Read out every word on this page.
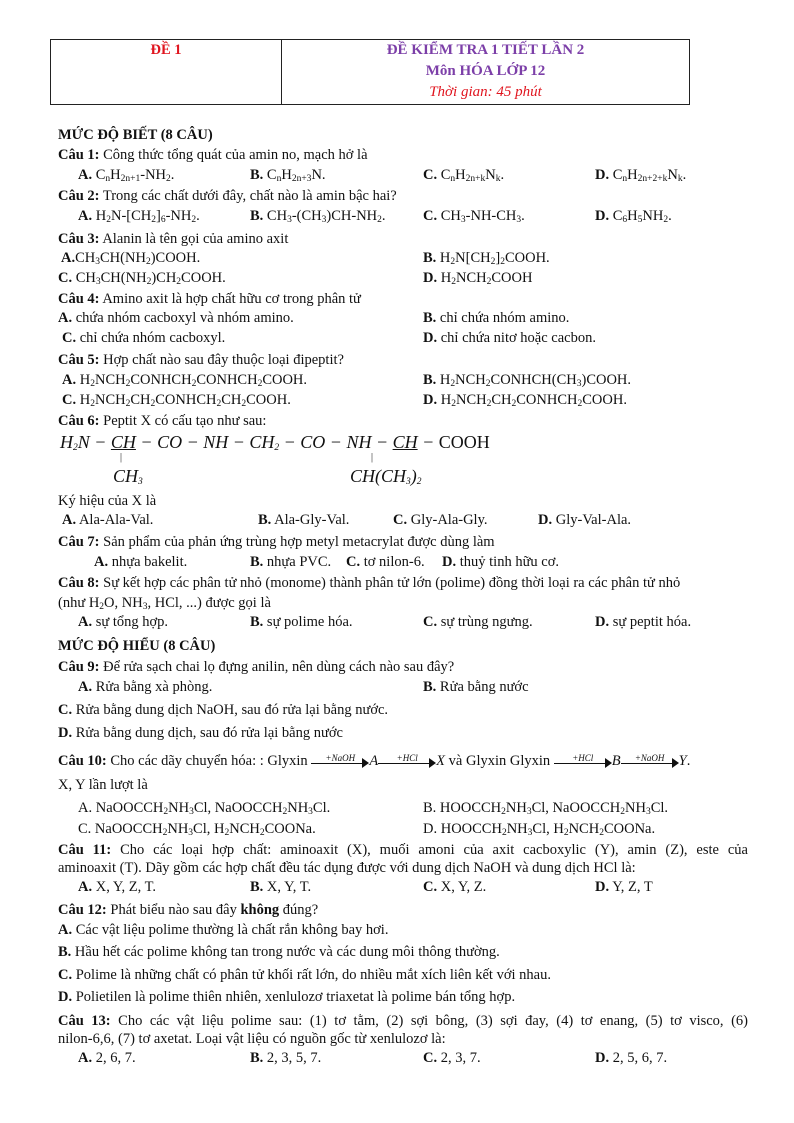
ĐỀ 1	ĐỀ KIỂM TRA 1 TIẾT LẦN 2
Môn HÓA LỚP 12
Thời gian: 45 phút
MỨC ĐỘ BIẾT (8 CÂU)
Câu 1: Công thức tổng quát của amin no, mạch hở là
A. $C_nH_{2n+1}-NH_2$.	B. $C_nH_{2n+3}N$.	C. $C_nH_{2n+k}N_k$.	D. $C_nH_{2n+2+k}N_k$.
Câu 2: Trong các chất dưới đây, chất nào là amin bậc hai?
A. $H_2N-[CH_2]_6-NH_2$.	B. $CH_3-(CH_3)CH-NH_2$.	C. $CH_3-NH-CH_3$.	D. $C_6H_5NH_2$.
Câu 3: Alanin là tên gọi của amino axit
$A.CH_3CH(NH_2)COOH$.	B. $H_2N[CH_2]_2COOH$.
C. $CH_3CH(NH_2)CH_2COOH$.	D. $H_2NCH_2COOH$
Câu 4: Amino axit là hợp chất hữu cơ trong phân tử
A. chứa nhóm cacboxyl và nhóm amino.	B. chỉ chứa nhóm amino.
C. chỉ chứa nhóm cacboxyl.	D. chỉ chứa nitơ hoặc cacbon.
Câu 5: Hợp chất nào sau đây thuộc loại đipeptit?
A. $H_2NCH_2CONHCH_2CONHCH_2COOH$.	B. $H_2NCH_2CONHCH(CH_3)COOH$.
C. $H_2NCH_2CH_2CONHCH_2CH_2COOH$.	D. $H_2NCH_2CH_2CONHCH_2COOH$.
Câu 6: Peptit X có cấu tạo như sau:
$H_2N$ − CH − CO − NH − $CH_2$ − CO − NH − CH − COOH
|	|
$CH_3$	$CH(CH_3)_2$
Ký hiệu của X là
A. Ala-Ala-Val.	B. Ala-Gly-Val.	C. Gly-Ala-Gly.	D. Gly-Val-Ala.
Câu 7: Sản phẩm của phản ứng trùng hợp metyl metacrylat được dùng làm
A. nhựa bakelit.	B. nhựa PVC. C. tơ nilon-6. D. thuỷ tinh hữu cơ.
Câu 8: Sự kết hợp các phân tử nhỏ (monome) thành phân tử lớn (polime) đồng thời loại ra các phân tử nhỏ
(như $H_2O$, $NH_3$, HCl, ...) được gọi là
A. sự tổng hợp.	B. sự polime hóa.	C. sự trùng ngưng.	D. sự peptit hóa.
MỨC ĐỘ HIỂU (8 CÂU)
Câu 9: Để rửa sạch chai lọ đựng anilin, nên dùng cách nào sau đây?
A. Rửa bằng xà phòng.	B. Rửa bằng nước
C. Rửa bằng dung dịch NaOH, sau đó rửa lại bằng nước.
D. Rửa bằng dung dịch, sau đó rửa lại bằng nước
Câu 10: Cho các dãy chuyển hóa: : Glyxin	+NaOH A	+HCl	X và Glyxin Glyxin	+HCl	B	+NaOH Y.
X, Y lần lượt là
A. $NaOOCCH_2NH_3Cl$, $NaOOCCH_2NH_3Cl$.	B. $HOOCCH_2NH_3Cl$, $NaOOCCH_2NH_3Cl$.
C. $NaOOCCH_2NH_3Cl$, $H_2NCH_2COONa$.	D. $HOOCCH_2NH_3Cl$, $H_2NCH_2COONa$.
Câu 11: Cho các loại hợp chất: aminoaxit (X), muối amoni của axit cacboxylic (Y), amin (Z), este của
aminoaxit (T). Dãy gồm các hợp chất đều tác dụng được với dung dịch NaOH và dung dịch HCl là:
A. X, Y, Z, T.	B. X, Y, T.	C. X, Y, Z.	D. Y, Z, T
Câu 12: Phát biểu nào sau đây không đúng?
A. Các vật liệu polime thường là chất rắn không bay hơi.
B. Hầu hết các polime không tan trong nước và các dung môi thông thường.
C. Polime là những chất có phân tử khối rất lớn, do nhiều mắt xích liên kết với nhau.
D. Polietilen là polime thiên nhiên, xenlulozơ triaxetat là polime bán tổng hợp.
Câu 13: Cho các vật liệu polime sau: (1) tơ tằm, (2) sợi bông, (3) sợi đay, (4) tơ enang, (5) tơ visco, (6)
nilon-6,6, (7) tơ axetat. Loại vật liệu có nguồn gốc từ xenlulozơ là:
A. 2, 6, 7.	B. 2, 3, 5, 7.	C. 2, 3, 7.	D. 2, 5, 6, 7.
